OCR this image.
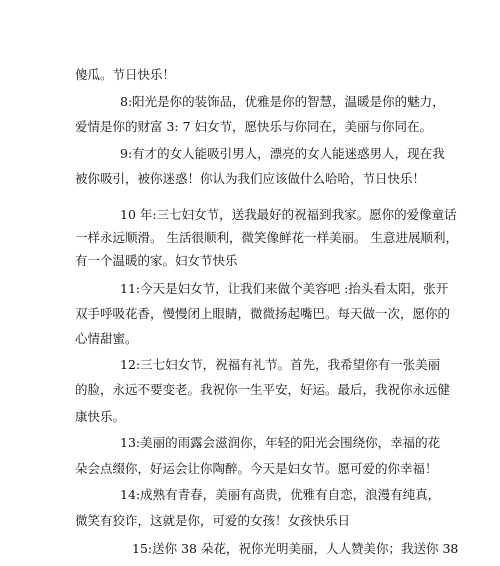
傻瓜。节日快乐！
8:阳光是你的装饰品，优雅是你的智慧，温暖是你的魅力，
爱情是你的财富 3: 7 妇女节，愿快乐与你同在，美丽与你同在。
9:有才的女人能吸引男人，漂亮的女人能迷惑男人，现在我
被你吸引，被你迷惑！你认为我们应该做什么哈哈，节日快乐！
10 年:三七妇女节，送我最好的祝福到我家。愿你的爱像童话
一样永远顺滑。 生活很顺利，微笑像鲜花一样美丽。 生意进展顺利，
有一个温暖的家。妇女节快乐
11:今天是妇女节，让我们来做个美容吧 :抬头看太阳，张开
双手呼吸花香，慢慢闭上眼睛，微微扬起嘴巴。每天做一次，愿你的
心情甜蜜。
12:三七妇女节，祝福有礼节。首先，我希望你有一张美丽
的脸，永远不要变老。我祝你一生平安，好运。最后，我祝你永远健
康快乐。
13:美丽的雨露会滋润你，年轻的阳光会围绕你，幸福的花
朵会点缀你，好运会让你陶醉。今天是妇女节。愿可爱的你幸福！
14:成熟有青春，美丽有高贵，优雅有自恋，浪漫有纯真，
微笑有狡诈，这就是你，可爱的女孩！女孩快乐日
15:送你 38 朵花，祝你光明美丽，人人赞美你；我送你 38
